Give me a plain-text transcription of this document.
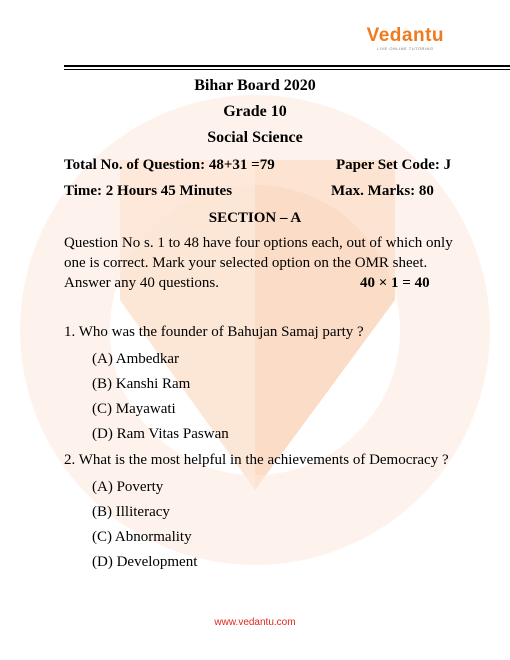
Vedantu
LIVE ONLINE TUTORING
Bihar Board 2020
Grade 10
Social Science
Total No. of Question: 48+31 =79	Paper Set Code: J
Time: 2 Hours 45 Minutes	Max. Marks: 80
SECTION – A
Question No s. 1 to 48 have four options each, out of which only
one is correct. Mark your selected option on the OMR sheet.
Answer any 40 questions.	40 × 1 = 40
1. Who was the founder of Bahujan Samaj party ?
(A) Ambedkar
(B) Kanshi Ram
(C) Mayawati
(D) Ram Vitas Paswan
2. What is the most helpful in the achievements of Democracy ?
(A) Poverty
(B) Illiteracy
(C) Abnormality
(D) Development
www.vedantu.com
